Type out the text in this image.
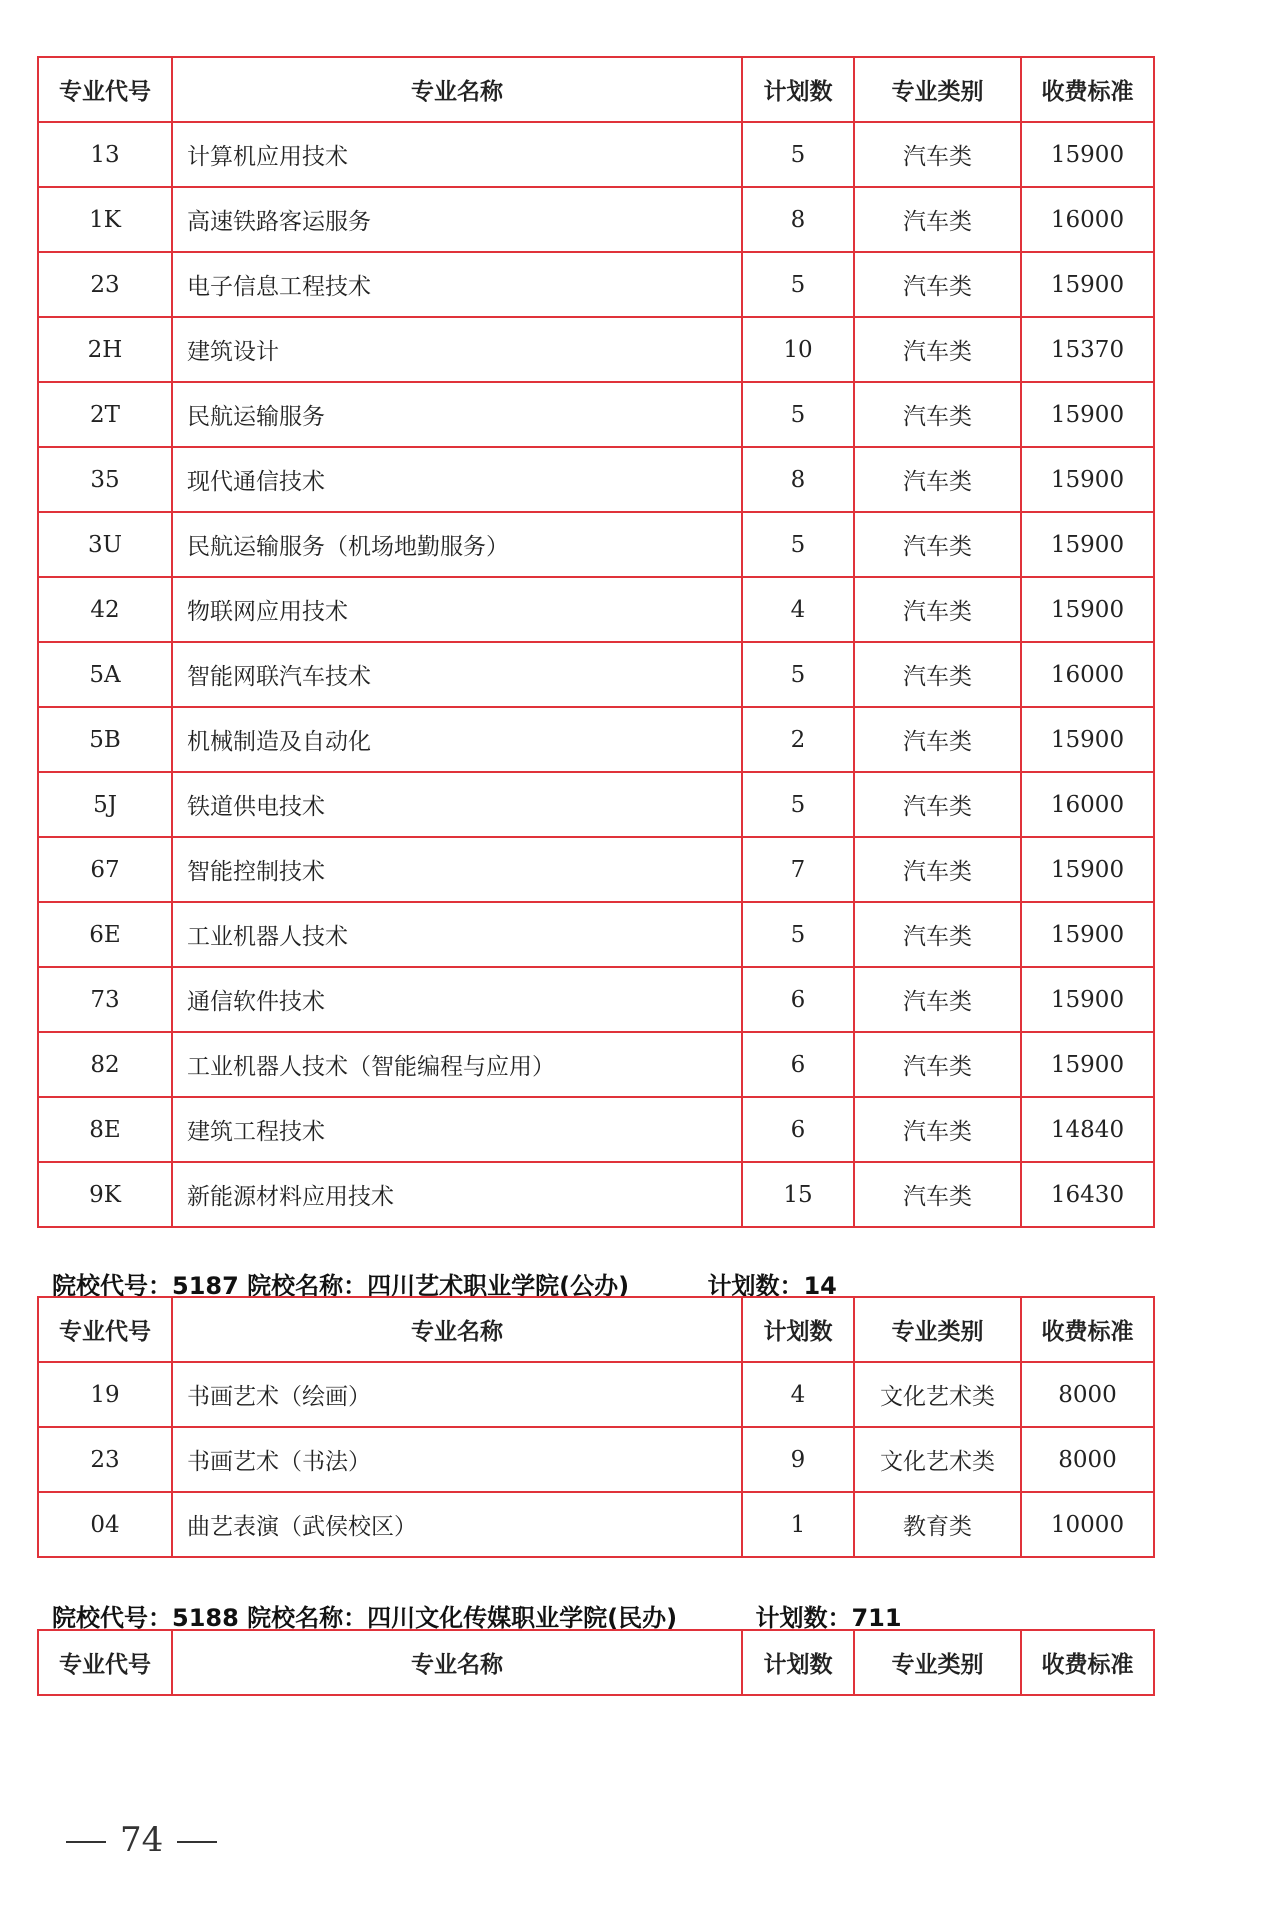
专业代号	专业名称	计划数	专业类别	收费标准
13	计算机应用技术	5	汽车类	15900
1K	高速铁路客运服务	8	汽车类	16000
23	电子信息工程技术	5	汽车类	15900
2H	建筑设计	10	汽车类	15370
2T	民航运输服务	5	汽车类	15900
35	现代通信技术	8	汽车类	15900
3U	民航运输服务（机场地勤服务）	5	汽车类	15900
42	物联网应用技术	4	汽车类	15900
5A	智能网联汽车技术	5	汽车类	16000
5B	机械制造及自动化	2	汽车类	15900
5J	铁道供电技术	5	汽车类	16000
67	智能控制技术	7	汽车类	15900
6E	工业机器人技术	5	汽车类	15900
73	通信软件技术	6	汽车类	15900
82	工业机器人技术（智能编程与应用）	6	汽车类	15900
8E	建筑工程技术	6	汽车类	14840
9K	新能源材料应用技术	15	汽车类	16430
院校代号：5187 院校名称：四川艺术职业学院(公办)	计划数：14
专业代号	专业名称	计划数	专业类别	收费标准
19	书画艺术（绘画）	4	文化艺术类	8000
23	书画艺术（书法）	9	文化艺术类	8000
04	曲艺表演（武侯校区）	1	教育类	10000
院校代号：5188 院校名称：四川文化传媒职业学院(民办)	计划数：711
专业代号	专业名称	计划数	专业类别	收费标准
74
